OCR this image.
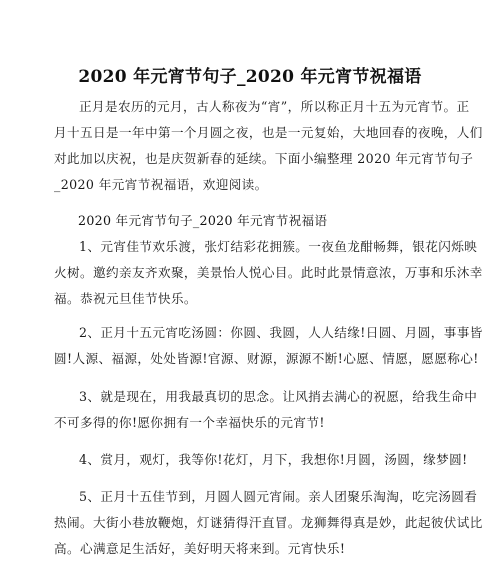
2020 年元宵节句子_2020 年元宵节祝福语

正月是农历的元月，古人称夜为“宵”，所以称正月十五为元宵节。正
月十五日是一年中第一个月圆之夜，也是一元复始，大地回春的夜晚，人们
对此加以庆祝，也是庆贺新春的延续。下面小编整理 2020 年元宵节句子
_2020 年元宵节祝福语，欢迎阅读。

2020 年元宵节句子_2020 年元宵节祝福语

1、元宵佳节欢乐渡，张灯结彩花拥簇。一夜鱼龙酣畅舞，银花闪烁映
火树。邀约亲友齐欢聚，美景怡人悦心目。此时此景情意浓，万事和乐沐幸
福。恭祝元旦佳节快乐。

2、正月十五元宵吃汤圆：你圆、我圆，人人结缘!日圆、月圆，事事皆
圆!人源、福源，处处皆源!官源、财源，源源不断!心愿、情愿，愿愿称心!

3、就是现在，用我最真切的思念。让风捎去满心的祝愿，给我生命中
不可多得的你!愿你拥有一个幸福快乐的元宵节!

4、赏月，观灯，我等你!花灯，月下，我想你!月圆，汤圆，缘梦圆!

5、正月十五佳节到，月圆人圆元宵闹。亲人团聚乐淘淘，吃完汤圆看
热闹。大街小巷放鞭炮，灯谜猜得汗直冒。龙狮舞得真是妙，此起彼伏试比
高。心满意足生活好，美好明天将来到。元宵快乐!
